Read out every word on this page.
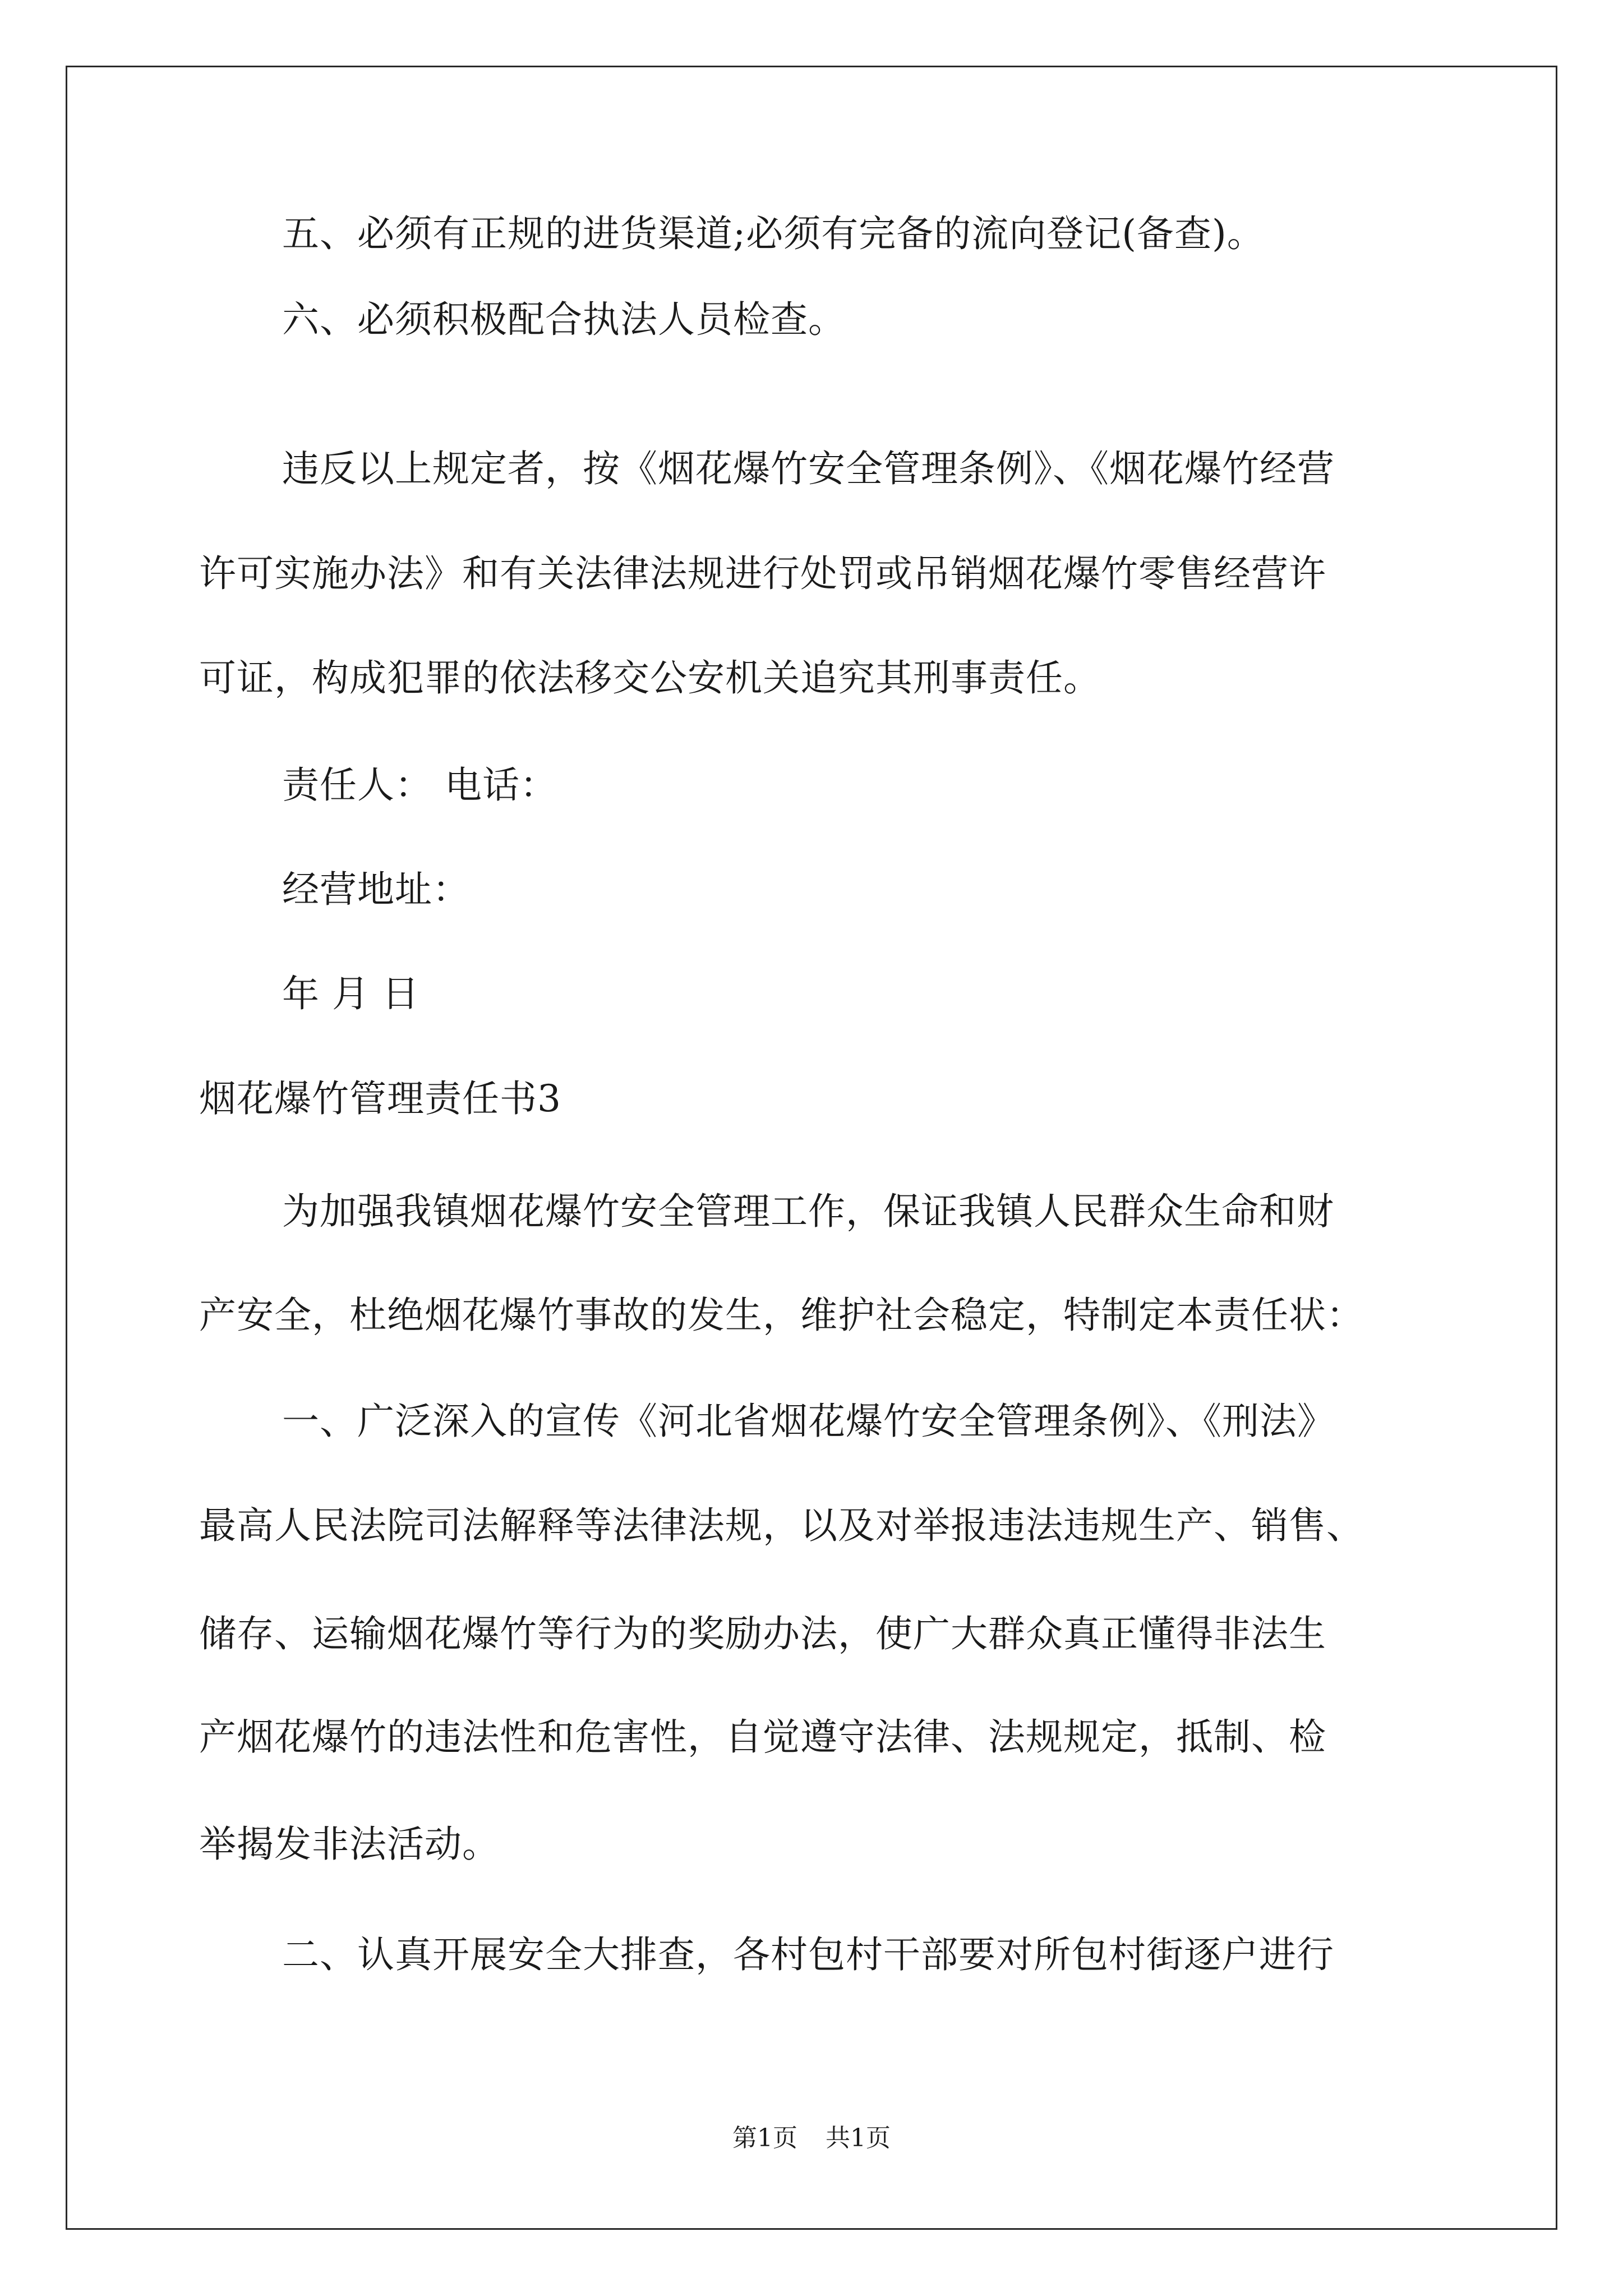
五、必须有正规的进货渠道;必须有完备的流向登记(备查)。
六、必须积极配合执法人员检查。
违反以上规定者，按《烟花爆竹安全管理条例》、《烟花爆竹经营
许可实施办法》和有关法律法规进行处罚或吊销烟花爆竹零售经营许
可证，构成犯罪的依法移交公安机关追究其刑事责任。
责任人： 电话：
经营地址：
年 月 日
烟花爆竹管理责任书3
为加强我镇烟花爆竹安全管理工作，保证我镇人民群众生命和财
产安全，杜绝烟花爆竹事故的发生，维护社会稳定，特制定本责任状：
一、广泛深入的宣传《河北省烟花爆竹安全管理条例》、《刑法》
最高人民法院司法解释等法律法规，以及对举报违法违规生产、销售、
储存、运输烟花爆竹等行为的奖励办法，使广大群众真正懂得非法生
产烟花爆竹的违法性和危害性，自觉遵守法律、法规规定，抵制、检
举揭发非法活动。
二、认真开展安全大排查，各村包村干部要对所包村街逐户进行
第1页 共1页
